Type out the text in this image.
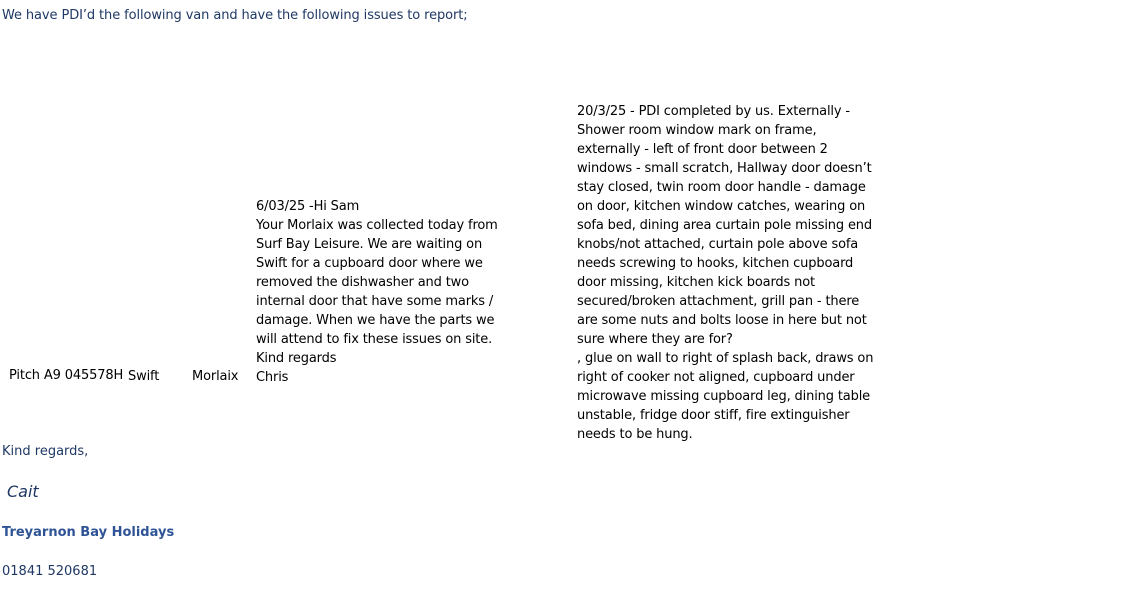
We have PDI’d the following van and have the following issues to report;
Pitch A9 045578H Swift	Morlaix
6/03/25 -Hi Sam
Your Morlaix was collected today from Surf Bay Leisure. We are waiting on Swift for a cupboard door where we removed the dishwasher and two internal door that have some marks / damage. When we have the parts we will attend to fix these issues on site.
Kind regards
Chris
20/3/25 - PDI completed by us. Externally - Shower room window mark on frame, externally - left of front door between 2 windows - small scratch, Hallway door doesn’t stay closed, twin room door handle - damage on door, kitchen window catches, wearing on sofa bed, dining area curtain pole missing end knobs/not attached, curtain pole above sofa needs screwing to hooks, kitchen cupboard door missing, kitchen kick boards not secured/broken attachment, grill pan - there are some nuts and bolts loose in here but not sure where they are for?
, glue on wall to right of splash back, draws on right of cooker not aligned, cupboard under microwave missing cupboard leg, dining table unstable, fridge door stiff, fire extinguisher needs to be hung.
Kind regards,
Cait
Treyarnon Bay Holidays
01841 520681
